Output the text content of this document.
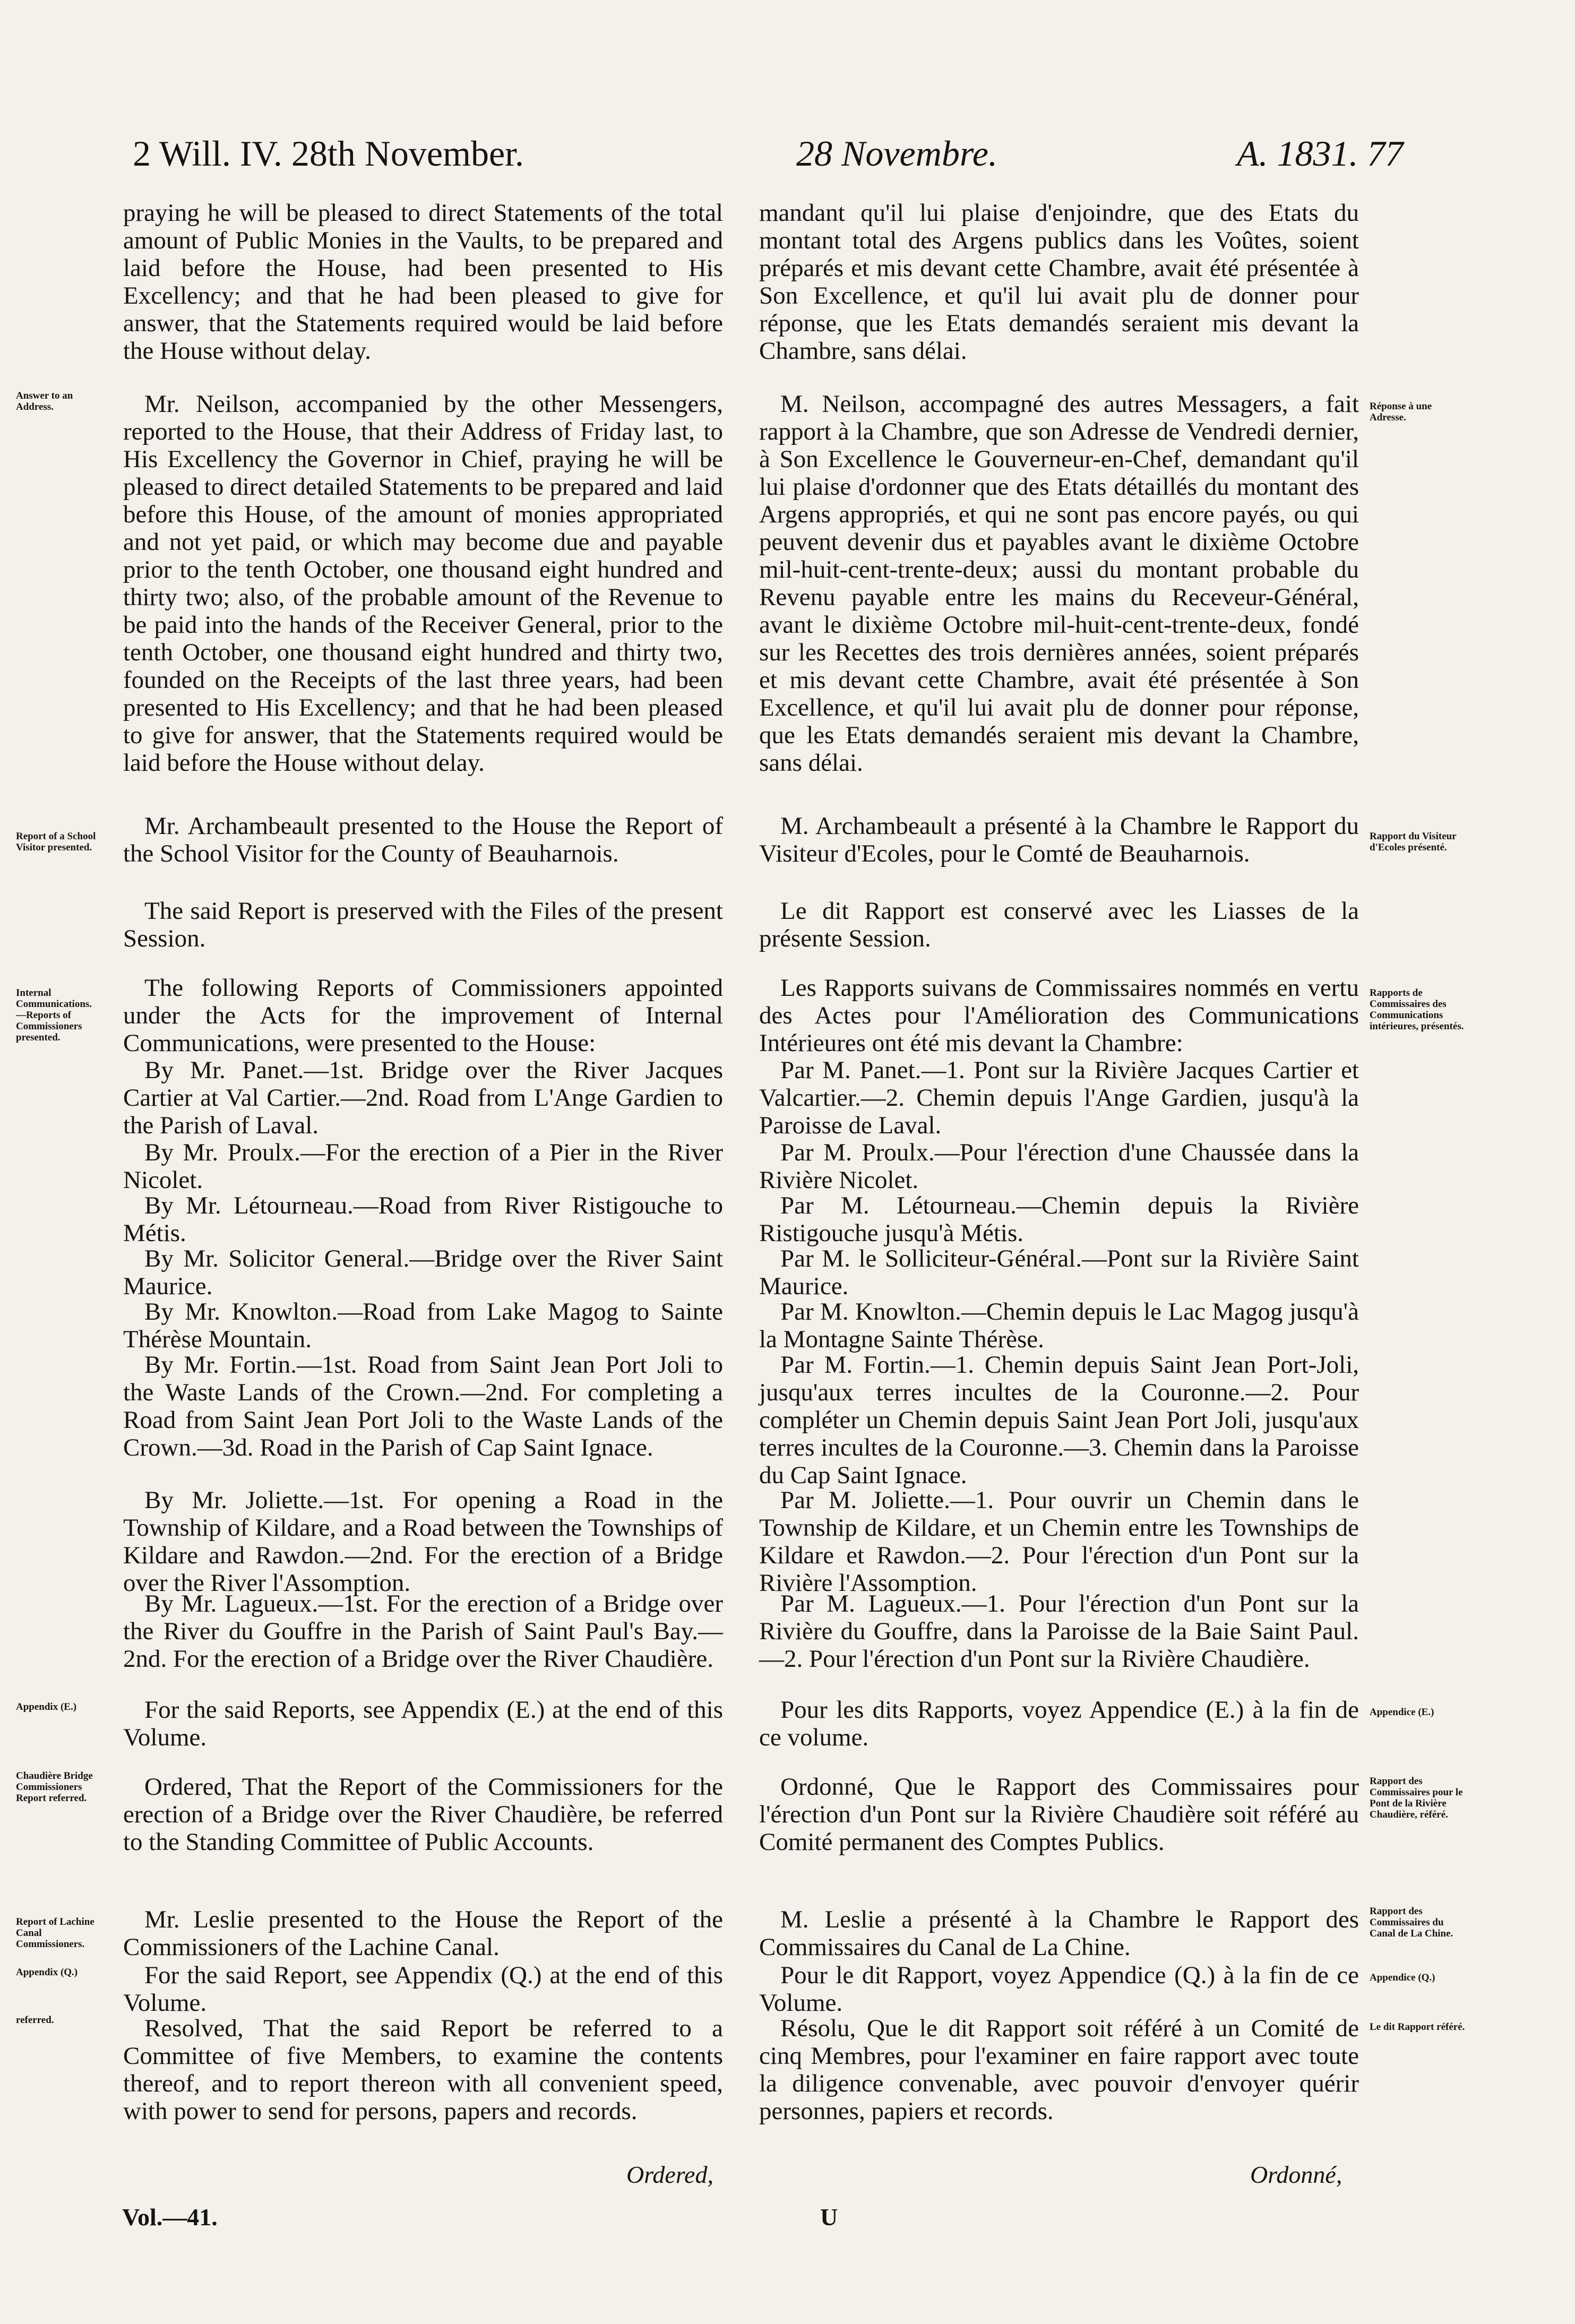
2 Will. IV. 28th November.	28 Novembre.	A. 1831. 77

praying he will be pleased to direct Statements of the total amount of Public Monies in the Vaults, to be prepared and laid before the House, had been presented to His Excellency; and that he had been pleased to give for answer, that the Statements required would be laid before the House without delay.

Mr. Neilson, accompanied by the other Messengers, reported to the House, that their Address of Friday last, to His Excellency the Governor in Chief, praying he will be pleased to direct detailed Statements to be prepared and laid before this House, of the amount of monies appropriated and not yet paid, or which may become due and payable prior to the tenth October, one thousand eight hundred and thirty two; also, of the probable amount of the Revenue to be paid into the hands of the Receiver General, prior to the tenth October, one thousand eight hundred and thirty two, founded on the Receipts of the last three years, had been presented to His Excellency; and that he had been pleased to give for answer, that the Statements required would be laid before the House without delay.

Mr. Archambeault presented to the House the Report of the School Visitor for the County of Beauharnois.

The said Report is preserved with the Files of the present Session.

The following Reports of Commissioners appointed under the Acts for the improvement of Internal Communications, were presented to the House:

By Mr. Panet.—1st. Bridge over the River Jacques Cartier at Val Cartier.—2nd. Road from L'Ange Gardien to the Parish of Laval.

By Mr. Proulx.—For the erection of a Pier in the River Nicolet.

By Mr. Létourneau.—Road from River Ristigouche to Métis.

By Mr. Solicitor General.—Bridge over the River Saint Maurice.

By Mr. Knowlton.—Road from Lake Magog to Sainte Thérèse Mountain.

By Mr. Fortin.—1st. Road from Saint Jean Port Joli to the Waste Lands of the Crown.—2nd. For completing a Road from Saint Jean Port Joli to the Waste Lands of the Crown.—3d. Road in the Parish of Cap Saint Ignace.

By Mr. Joliette.—1st. For opening a Road in the Township of Kildare, and a Road between the Townships of Kildare and Rawdon.—2nd. For the erection of a Bridge over the River l'Assomption.

By Mr. Lagueux.—1st. For the erection of a Bridge over the River du Gouffre in the Parish of Saint Paul's Bay.—2nd. For the erection of a Bridge over the River Chaudière.

For the said Reports, see Appendix (E.) at the end of this Volume.

Ordered, That the Report of the Commissioners for the erection of a Bridge over the River Chaudière, be referred to the Standing Committee of Public Accounts.

Mr. Leslie presented to the House the Report of the Commissioners of the Lachine Canal.

For the said Report, see Appendix (Q.) at the end of this Volume.

Resolved, That the said Report be referred to a Committee of five Members, to examine the contents thereof, and to report thereon with all convenient speed, with power to send for persons, papers and records.

mandant qu'il lui plaise d'enjoindre, que des Etats du montant total des Argens publics dans les Voûtes, soient préparés et mis devant cette Chambre, avait été présentée à Son Excellence, et qu'il lui avait plu de donner pour réponse, que les Etats demandés seraient mis devant la Chambre, sans délai.

M. Neilson, accompagné des autres Messagers, a fait rapport à la Chambre, que son Adresse de Vendredi dernier, à Son Excellence le Gouverneur-en-Chef, demandant qu'il lui plaise d'ordonner que des Etats détaillés du montant des Argens appropriés, et qui ne sont pas encore payés, ou qui peuvent devenir dus et payables avant le dixième Octobre mil-huit-cent-trente-deux; aussi du montant probable du Revenu payable entre les mains du Receveur-Général, avant le dixième Octobre mil-huit-cent-trente-deux, fondé sur les Recettes des trois dernières années, soient préparés et mis devant cette Chambre, avait été présentée à Son Excellence, et qu'il lui avait plu de donner pour réponse, que les Etats demandés seraient mis devant la Chambre, sans délai.

M. Archambeault a présenté à la Chambre le Rapport du Visiteur d'Ecoles, pour le Comté de Beauharnois.

Le dit Rapport est conservé avec les Liasses de la présente Session.

Les Rapports suivans de Commissaires nommés en vertu des Actes pour l'Amélioration des Communications Intérieures ont été mis devant la Chambre:

Par M. Panet.—1. Pont sur la Rivière Jacques Cartier et Valcartier.—2. Chemin depuis l'Ange Gardien, jusqu'à la Paroisse de Laval.

Par M. Proulx.—Pour l'érection d'une Chaussée dans la Rivière Nicolet.

Par M. Létourneau.—Chemin depuis la Rivière Ristigouche jusqu'à Métis.

Par M. le Solliciteur-Général.—Pont sur la Rivière Saint Maurice.

Par M. Knowlton.—Chemin depuis le Lac Magog jusqu'à la Montagne Sainte Thérèse.

Par M. Fortin.—1. Chemin depuis Saint Jean Port-Joli, jusqu'aux terres incultes de la Couronne.—2. Pour compléter un Chemin depuis Saint Jean Port Joli, jusqu'aux terres incultes de la Couronne.—3. Chemin dans la Paroisse du Cap Saint Ignace.

Par M. Joliette.—1. Pour ouvrir un Chemin dans le Township de Kildare, et un Chemin entre les Townships de Kildare et Rawdon.—2. Pour l'érection d'un Pont sur la Rivière l'Assomption.

Par M. Lagueux.—1. Pour l'érection d'un Pont sur la Rivière du Gouffre, dans la Paroisse de la Baie Saint Paul.—2. Pour l'érection d'un Pont sur la Rivière Chaudière.

Pour les dits Rapports, voyez Appendice (E.) à la fin de ce volume.

Ordonné, Que le Rapport des Commissaires pour l'érection d'un Pont sur la Rivière Chaudière soit référé au Comité permanent des Comptes Publics.

M. Leslie a présenté à la Chambre le Rapport des Commissaires du Canal de La Chine.

Pour le dit Rapport, voyez Appendice (Q.) à la fin de ce Volume.

Résolu, Que le dit Rapport soit référé à un Comité de cinq Membres, pour l'examiner en faire rapport avec toute la diligence convenable, avec pouvoir d'envoyer quérir personnes, papiers et records.

Answer to an Address.
Report of a School Visitor presented.
Internal Communications.—Reports of Commissioners presented.
Appendix (E.)
Chaudière Bridge Commissioners Report referred.
Report of Lachine Canal Commissioners.
Appendix (Q.)
referred.
Réponse à une Adresse.
Rapport du Visiteur d'Ecoles présenté.
Rapports de Commissaires des Communications intérieures, présentés.
Appendice (E.)
Rapport des Commissaires pour le Pont de la Rivière Chaudière, référé.
Rapport des Commissaires du Canal de La Chine.
Appendice (Q.)
Le dit Rapport référé.
Ordered,	Ordonné,
Vol.—41.	U
